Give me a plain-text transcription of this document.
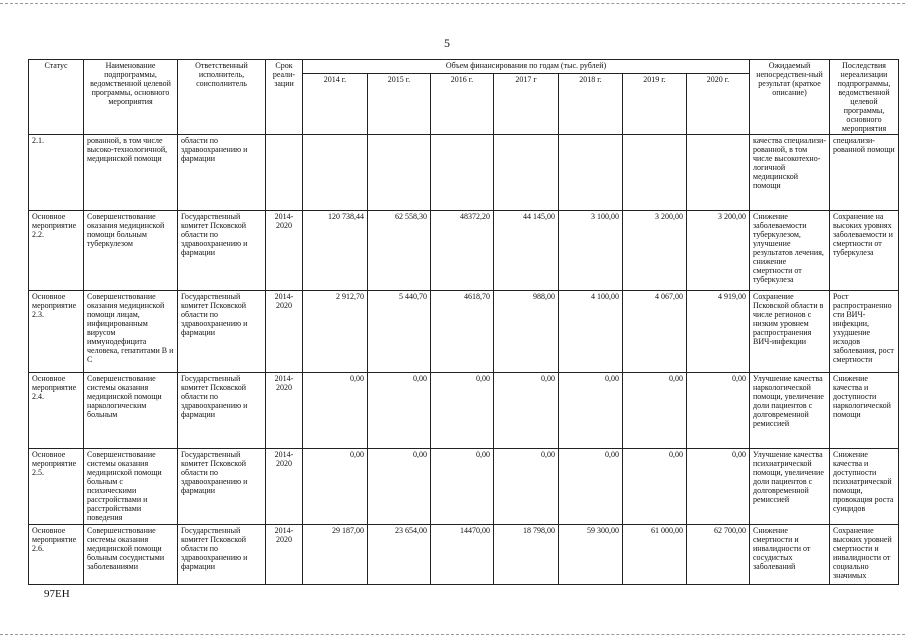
5
Статус	Наименование подпрограммы, ведомственной целевой программы, основного мероприятия	Ответственный исполнитель, соисполнитель	Срок реали-зации	Объем финансирования по годам (тыс. рублей)							Ожидаемый непосредствен-ный результат (краткое описание)	Последствия нереализации подпрограммы, ведомственной целевой программы, основного мероприятия
				2014 г.	2015 г.	2016 г.	2017 г	2018 г.	2019 г.	2020 г.		
2.1.	рованной, в том числе высоко-технологичной, медицинской помощи	области по здравоохранению и фармации									качества специализи-рованной, в том числе высокотехно-логичной медицинской помощи	специализи-рованной помощи
Основное мероприятие 2.2.	Совершенствование оказания медицинской помощи больным туберкулезом	Государственный комитет Псковской области по здравоохранению и фармации	2014-2020	120 738,44	62 558,30	48372,20	44 145,00	3 100,00	3 200,00	3 200,00	Снижение заболеваемости туберкулезом, улучшение результатов лечения, снижение смертности от туберкулеза	Сохранение на высоких уровнях заболеваемости и смертности от туберкулеза
Основное мероприятие 2.3.	Совершенствование оказания медицинской помощи лицам, инфицированным вирусом иммунодефицита человека, гепатитами В и С	Государственный комитет Псковской области по здравоохранению и фармации	2014-2020	2 912,70	5 440,70	4618,70	988,00	4 100,00	4 067,00	4 919,00	Сохранение Псковской области в числе регионов с низким уровнем распространения ВИЧ-инфекции	Рост распространенно сти ВИЧ-инфекции, ухудшение исходов заболевания, рост смертности
Основное мероприятие 2.4.	Совершенствование системы оказания медицинской помощи наркологическим больным	Государственный комитет Псковской области по здравоохранению и фармации	2014-2020	0,00	0,00	0,00	0,00	0,00	0,00	0,00	Улучшение качества наркологической помощи, увеличение доли пациентов с долговременной ремиссией	Снижение качества и доступности наркологической помощи
Основное мероприятие 2.5.	Совершенствование системы оказания медицинской помощи больным с психическими расстройствами и расстройствами поведения	Государственный комитет Псковской области по здравоохранению и фармации	2014-2020	0,00	0,00	0,00	0,00	0,00	0,00	0,00	Улучшение качества психиатрической помощи, увеличение доли пациентов с долговременной ремиссией	Снижение качества и доступности психиатрической помощи, провокация роста суицидов
Основное мероприятие 2.6.	Совершенствование системы оказания медицинской помощи больным сосудистыми заболеваниями	Государственный комитет Псковской области по здравоохранению и фармации	2014-2020	29 187,00	23 654,00	14470,00	18 798,00	59 300,00	61 000,00	62 700,00	Снижение смертности и инвалидности от сосудистых заболеваний	Сохранение высоких уровней смертности и инвалидности от социально значимых
97ЕН
